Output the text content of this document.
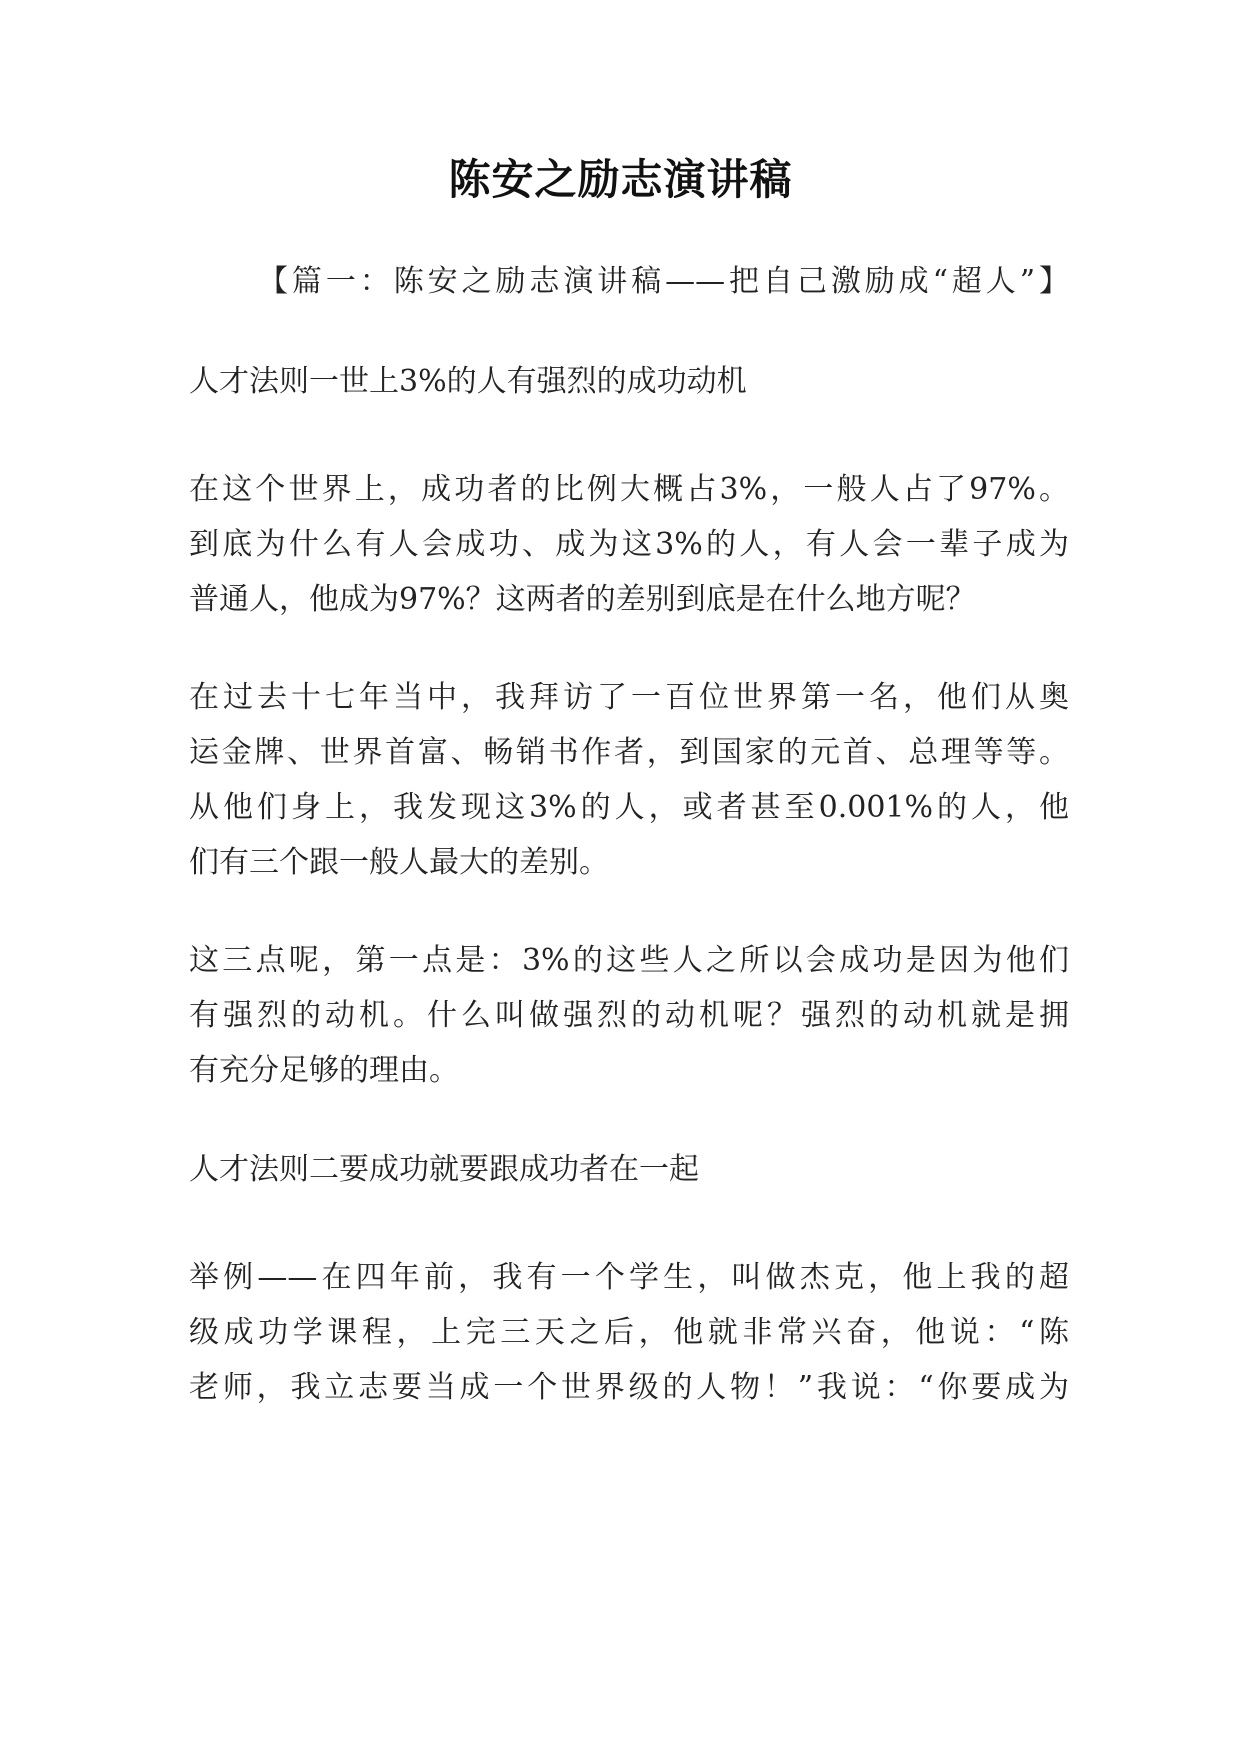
陈安之励志演讲稿

【篇一：陈安之励志演讲稿——把自己激励成“超人”】

人才法则一世上3%的人有强烈的成功动机

在这个世界上，成功者的比例大概占3%，一般人占了97%。

到底为什么有人会成功、成为这3%的人，有人会一辈子成为

普通人，他成为97%？这两者的差别到底是在什么地方呢？

在过去十七年当中，我拜访了一百位世界第一名，他们从奥

运金牌、世界首富、畅销书作者，到国家的元首、总理等等。

从他们身上，我发现这3%的人，或者甚至0.001%的人，他

们有三个跟一般人最大的差别。

这三点呢，第一点是：3%的这些人之所以会成功是因为他们

有强烈的动机。什么叫做强烈的动机呢？强烈的动机就是拥

有充分足够的理由。

人才法则二要成功就要跟成功者在一起

举例——在四年前，我有一个学生，叫做杰克，他上我的超

级成功学课程，上完三天之后，他就非常兴奋，他说：“陈

老师，我立志要当成一个世界级的人物！”我说：“你要成为
